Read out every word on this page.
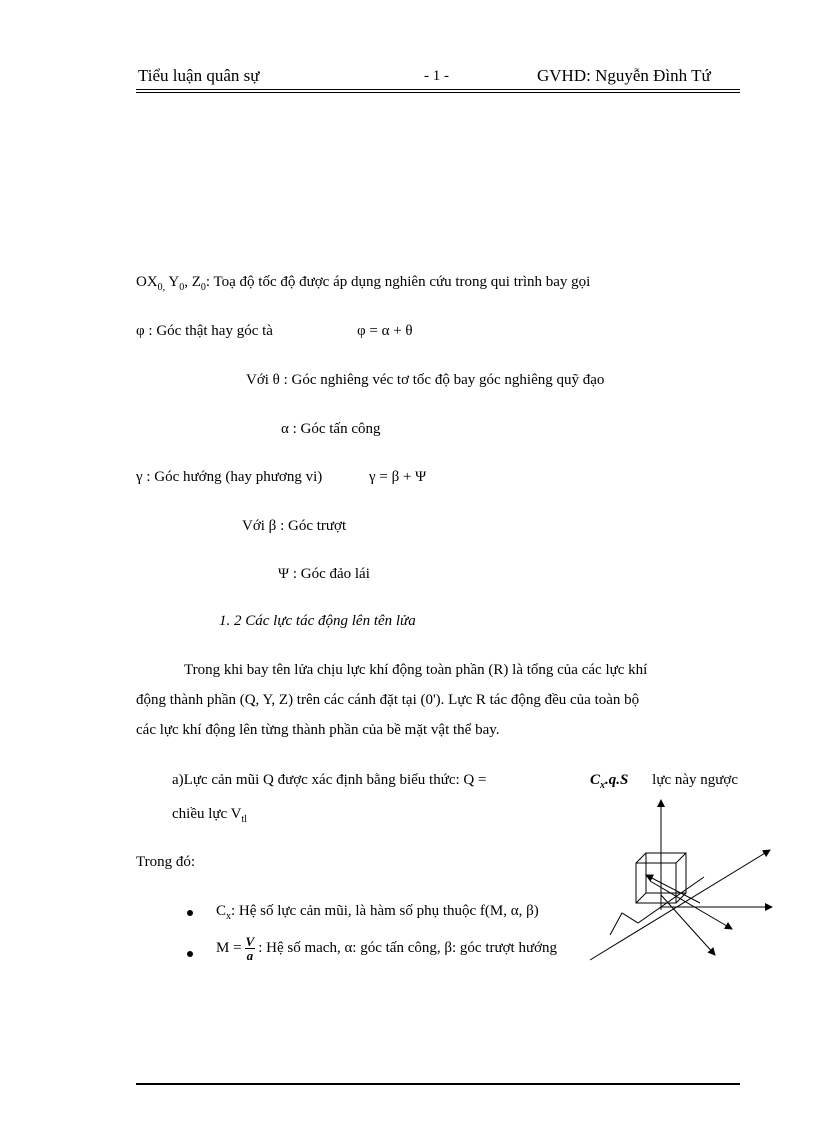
Tiểu luận quân sự	- 1 -	GVHD: Nguyễn Đình Tứ
$OX_{0,}$ $Y_0$, $Z_0$: Toạ độ tốc độ được áp dụng nghiên cứu trong qui trình bay gọi
φ : Góc thật hay góc tà	φ = α + θ
Với θ : Góc nghiêng véc tơ tốc độ bay góc nghiêng quỹ đạo
α : Góc tấn công
γ : Góc hướng (hay phương vi)	γ = β + Ψ
Với β : Góc trượt
Ψ : Góc đảo lái
1. 2 Các lực tác động lên tên lửa
Trong khi bay tên lửa chịu lực khí động toàn phần (R) là tổng của các lực khí
động thành phần (Q, Y, Z) trên các cánh đặt tại (0'). Lực R tác động đều của toàn bộ
các lực khí động lên từng thành phần của bề mặt vật thể bay.
a)Lực cản mũi Q được xác định bằng biểu thức: Q =	$C_x.q.S$ lực này ngược
chiều lực $V_{tl}$
Trong đó:
$C_x$: Hệ số lực cản mũi, là hàm số phụ thuộc f(M, α, β)
$M = \frac{V}{a}$ : Hệ số mach, α: góc tấn công, β: góc trượt hướng
